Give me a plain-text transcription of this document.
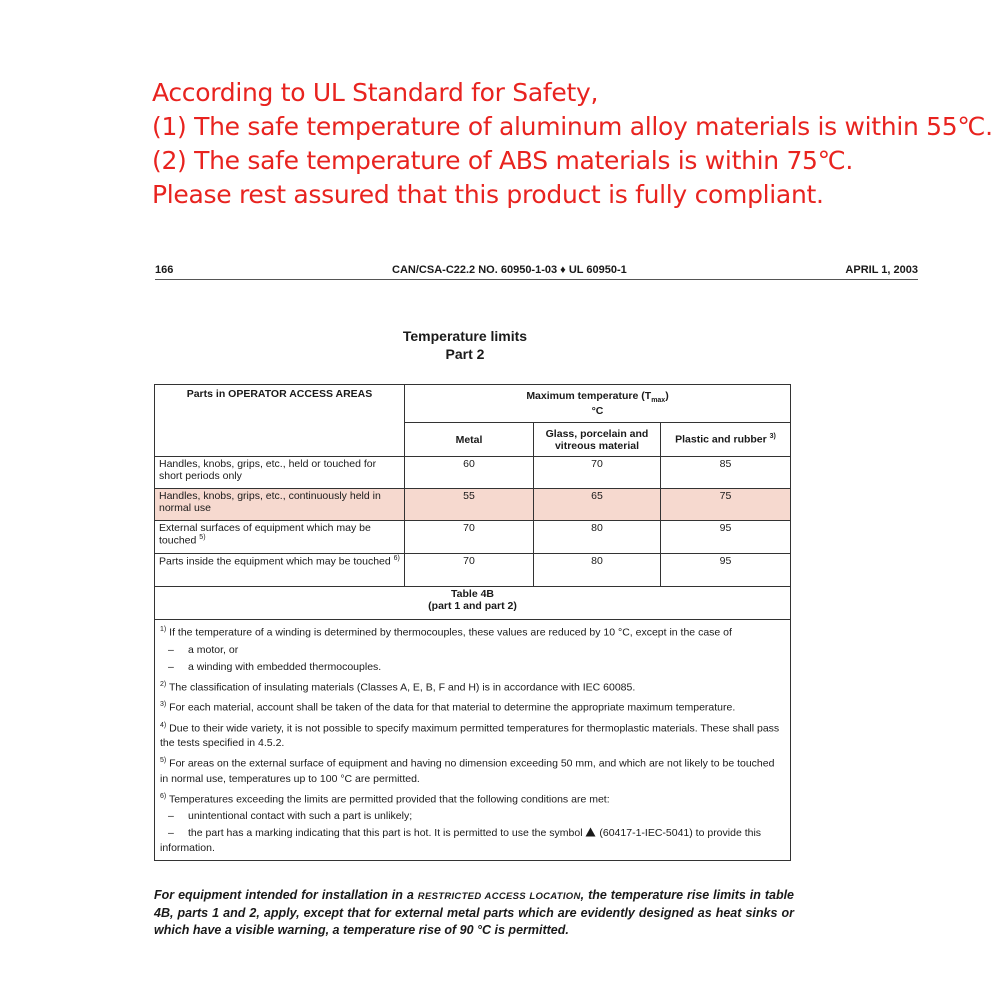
According to UL Standard for Safety,
(1) The safe temperature of aluminum alloy materials is within 55℃.
(2) The safe temperature of ABS materials is within 75℃.
Please rest assured that this product is fully compliant.
166	CAN/CSA-C22.2 NO. 60950-1-03 ♦ UL 60950-1	APRIL 1, 2003
Temperature limits
Part 2
Parts in OPERATOR ACCESS AREAS	Maximum temperature $(T_{max})$
°C		
	Metal	Glass, porcelain and vitreous material	Plastic and rubber $^{3)}$
Handles, knobs, grips, etc., held or touched for short periods only	60	70	85
Handles, knobs, grips, etc., continuously held in normal use	55	65	75
External surfaces of equipment which may be touched $^{5)}$	70	80	95
Parts inside the equipment which may be touched $^{6)}$	70	80	95

Table 4B
(part 1 and part 2)			

$^{1)}$ If the temperature of a winding is determined by thermocouples, these values are reduced by 10 °C, except in the case of

– a motor, or

– a winding with embedded thermocouples.

$^{2)}$ The classification of insulating materials (Classes A, E, B, F and H) is in accordance with IEC 60085.

$^{3)}$ For each material, account shall be taken of the data for that material to determine the appropriate maximum temperature.

$^{4)}$ Due to their wide variety, it is not possible to specify maximum permitted temperatures for thermoplastic materials. These shall pass the tests specified in 4.5.2.

$^{5)}$ For areas on the external surface of equipment and having no dimension exceeding 50 mm, and which are not likely to be touched in normal use, temperatures up to 100 °C are permitted.

$^{6)}$ Temperatures exceeding the limits are permitted provided that the following conditions are met:

– unintentional contact with such a part is unlikely;

– the part has a marking indicating that this part is hot. It is permitted to use the symbol (60417-1-IEC-5041) to provide this information.

For equipment intended for installation in a RESTRICTED ACCESS LOCATION, the temperature rise limits in table 4B, parts 1 and 2, apply, except that for external metal parts which are evidently designed as heat sinks or which have a visible warning, a temperature rise of 90 °C is permitted.
